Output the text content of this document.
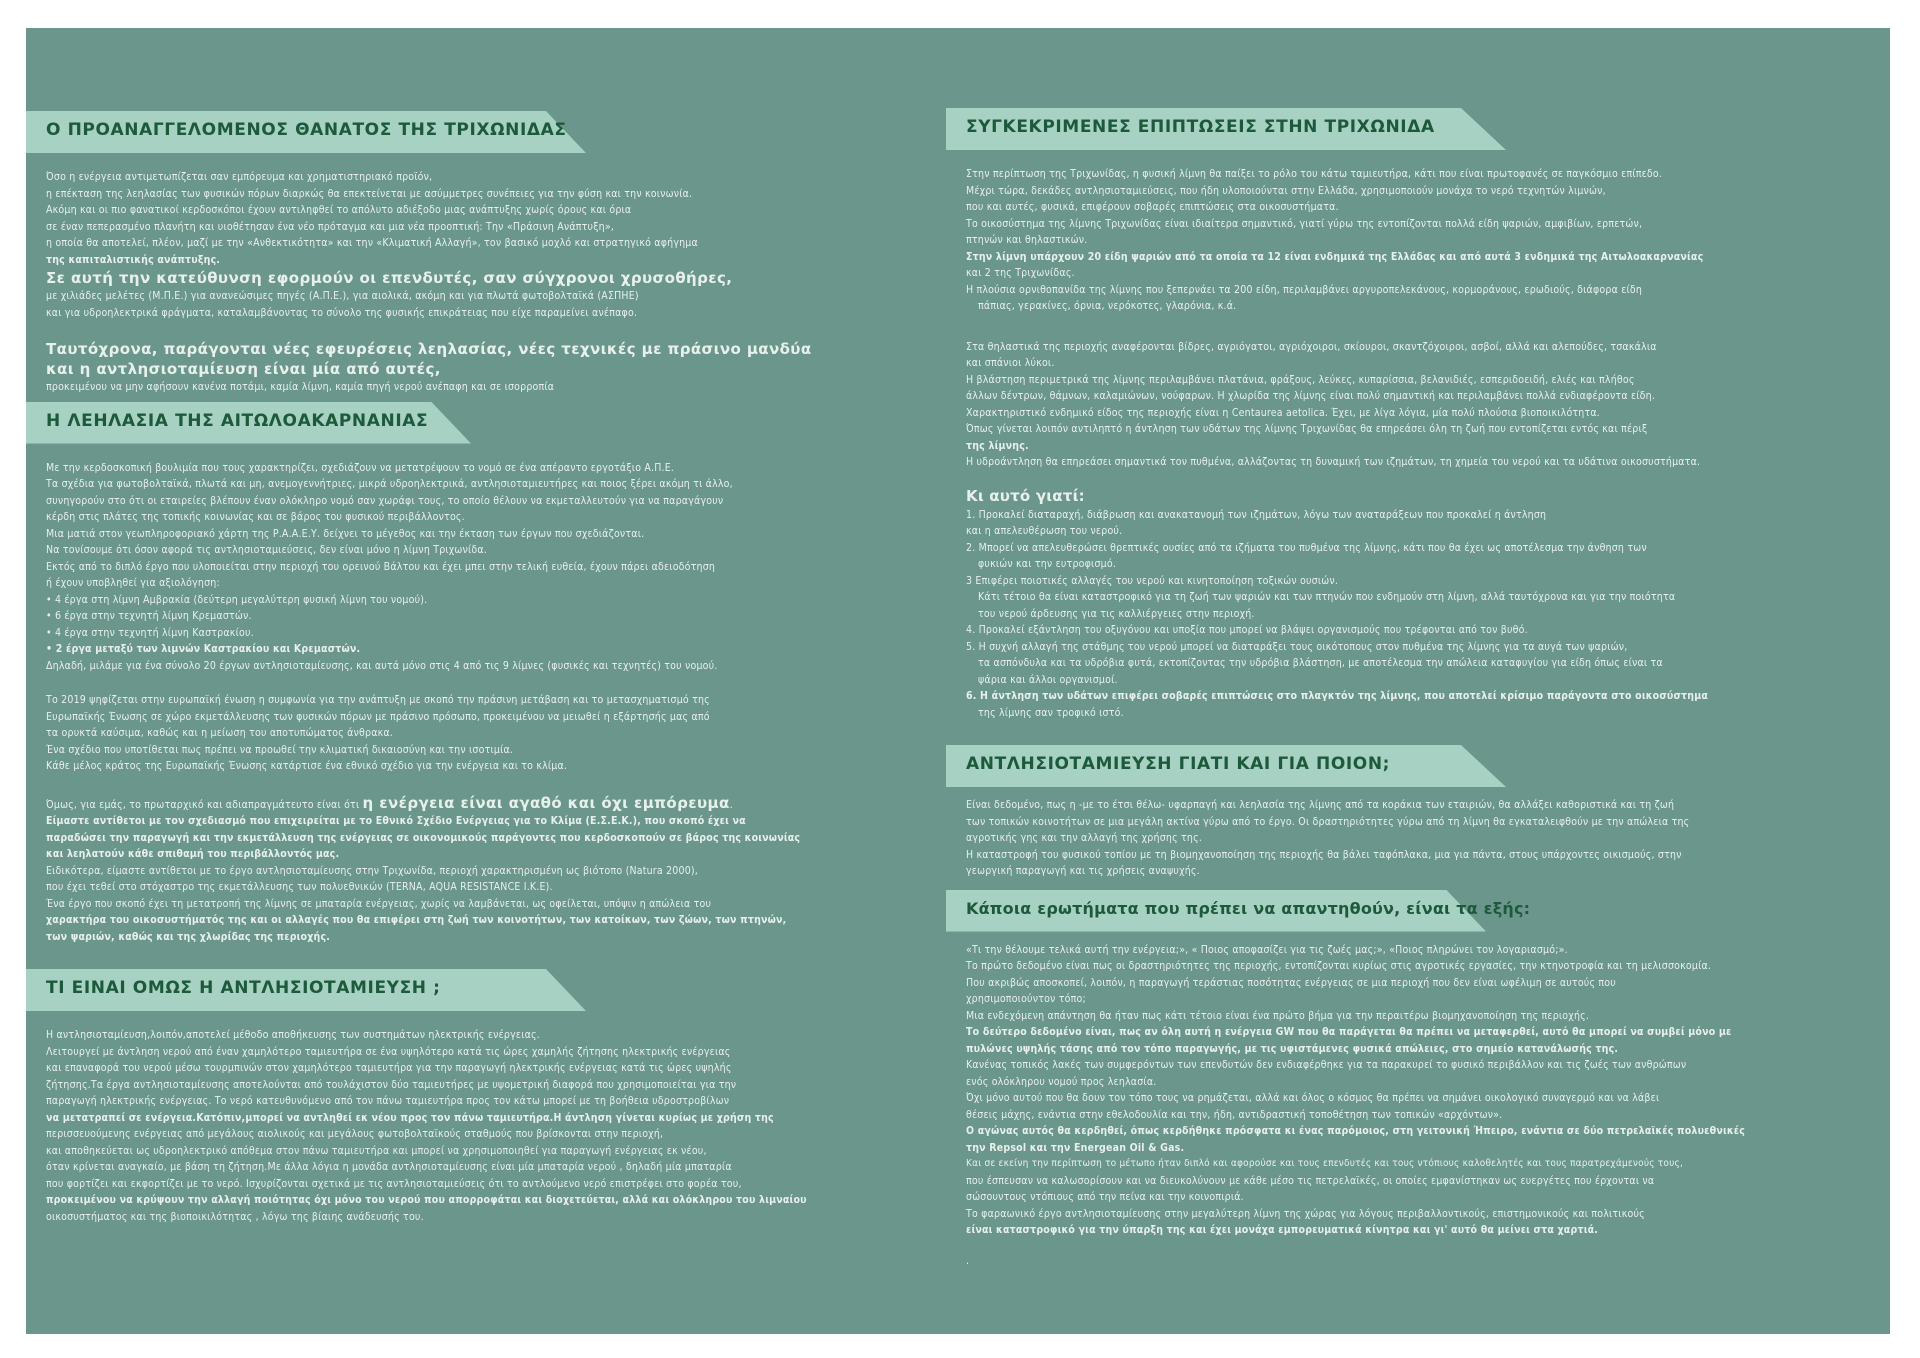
Ο ΠΡΟΑΝΑΓΓΕΛΟΜΕΝΟΣ ΘΑΝΑΤΟΣ ΤΗΣ ΤΡΙΧΩΝΙΔΑΣ
Όσο η ενέργεια αντιμετωπίζεται σαν εμπόρευμα και χρηματιστηριακό προϊόν,
η επέκταση της λεηλασίας των φυσικών πόρων διαρκώς θα επεκτείνεται με ασύμμετρες συνέπειες για την φύση και την κοινωνία.
Ακόμη και οι πιο φανατικοί κερδοσκόποι έχουν αντιληφθεί το απόλυτο αδιέξοδο μιας ανάπτυξης χωρίς όρους και όρια
σε έναν πεπερασμένο πλανήτη και υιοθέτησαν ένα νέο πρόταγμα και μια νέα προοπτική: Την «Πράσινη Ανάπτυξη»,
η οποία θα αποτελεί, πλέον, μαζί με την «Ανθεκτικότητα» και την «Κλιματική Αλλαγή», τον βασικό μοχλό και στρατηγικό αφήγημα
της καπιταλιστικής ανάπτυξης.
Σε αυτή την κατεύθυνση εφορμούν οι επενδυτές, σαν σύγχρονοι χρυσοθήρες,
με χιλιάδες μελέτες (Μ.Π.Ε.) για ανανεώσιμες πηγές (Α.Π.Ε.), για αιολικά, ακόμη και για πλωτά φωτοβολταϊκά (ΑΣΠΗΕ)
και για υδροηλεκτρικά φράγματα, καταλαμβάνοντας το σύνολο της φυσικής επικράτειας που είχε παραμείνει ανέπαφο.
Ταυτόχρονα, παράγονται νέες εφευρέσεις λεηλασίας, νέες τεχνικές με πράσινο μανδύα
και η αντλησιοταμίευση είναι μία από αυτές,
προκειμένου να μην αφήσουν κανένα ποτάμι, καμία λίμνη, καμία πηγή νερού ανέπαφη και σε ισορροπία
Η ΛΕΗΛΑΣΙΑ ΤΗΣ ΑΙΤΩΛΟΑΚΑΡΝΑΝΙΑΣ
Με την κερδοσκοπική βουλιμία που τους χαρακτηρίζει, σχεδιάζουν να μετατρέψουν το νομό σε ένα απέραντο εργοτάξιο Α.Π.Ε.
Τα σχέδια για φωτοβολταϊκά, πλωτά και μη, ανεμογεννήτριες, μικρά υδροηλεκτρικά, αντλησιοταμιευτήρες και ποιος ξέρει ακόμη τι άλλο,
συνηγορούν στο ότι οι εταιρείες βλέπουν έναν ολόκληρο νομό σαν χωράφι τους, το οποίο θέλουν να εκμεταλλευτούν για να παραγάγουν
κέρδη στις πλάτες της τοπικής κοινωνίας και σε βάρος του φυσικού περιβάλλοντος.
Μια ματιά στον γεωπληροφοριακό χάρτη της Ρ.Α.Α.Ε.Υ. δείχνει το μέγεθος και την έκταση των έργων που σχεδιάζονται.
Να τονίσουμε ότι όσον αφορά τις αντλησιοταμιεύσεις, δεν είναι μόνο η λίμνη Τριχωνίδα.
Εκτός από το διπλό έργο που υλοποιείται στην περιοχή του ορεινού Βάλτου και έχει μπει στην τελική ευθεία, έχουν πάρει αδειοδότηση
ή έχουν υποβληθεί για αξιολόγηση:
• 4 έργα στη λίμνη Αμβρακία (δεύτερη μεγαλύτερη φυσική λίμνη του νομού).
• 6 έργα στην τεχνητή λίμνη Κρεμαστών.
• 4 έργα στην τεχνητή λίμνη Καστρακίου.
• 2 έργα μεταξύ των λιμνών Καστρακίου και Κρεμαστών.
Δηλαδή, μιλάμε για ένα σύνολο 20 έργων αντλησιοταμίευσης, και αυτά μόνο στις 4 από τις 9 λίμνες (φυσικές και τεχνητές) του νομού.
Το 2019 ψηφίζεται στην ευρωπαϊκή ένωση η συμφωνία για την ανάπτυξη με σκοπό την πράσινη μετάβαση και το μετασχηματισμό της
Ευρωπαϊκής Ένωσης σε χώρο εκμετάλλευσης των φυσικών πόρων με πράσινο πρόσωπο, προκειμένου να μειωθεί η εξάρτησής μας από
τα ορυκτά καύσιμα, καθώς και η μείωση του αποτυπώματος άνθρακα.
Ένα σχέδιο που υποτίθεται πως πρέπει να προωθεί την κλιματική δικαιοσύνη και την ισοτιμία.
Κάθε μέλος κράτος της Ευρωπαϊκής Ένωσης κατάρτισε ένα εθνικό σχέδιο για την ενέργεια και το κλίμα.
Όμως, για εμάς, το πρωταρχικό και αδιαπραγμάτευτο είναι ότι η ενέργεια είναι αγαθό και όχι εμπόρευμα.
Είμαστε αντίθετοι με τον σχεδιασμό που επιχειρείται με το Εθνικό Σχέδιο Ενέργειας για το Κλίμα (Ε.Σ.Ε.Κ.), που σκοπό έχει να
παραδώσει την παραγωγή και την εκμετάλλευση της ενέργειας σε οικονομικούς παράγοντες που κερδοσκοπούν σε βάρος της κοινωνίας
και λεηλατούν κάθε σπιθαμή του περιβάλλοντός μας.
Ειδικότερα, είμαστε αντίθετοι με το έργο αντλησιοταμίευσης στην Τριχωνίδα, περιοχή χαρακτηρισμένη ως βιότοπο (Natura 2000),
που έχει τεθεί στο στόχαστρο της εκμετάλλευσης των πολυεθνικών (ΤΕRNA, AQUA RESISTANCE I.K.E).
Ένα έργο που σκοπό έχει τη μετατροπή της λίμνης σε μπαταρία ενέργειας, χωρίς να λαμβάνεται, ως οφείλεται, υπόψιν η απώλεια του
χαρακτήρα του οικοσυστήματός της και οι αλλαγές που θα επιφέρει στη ζωή των κοινοτήτων, των κατοίκων, των ζώων, των πτηνών,
των ψαριών, καθώς και της χλωρίδας της περιοχής.
ΤΙ ΕΙΝΑΙ ΟΜΩΣ Η ΑΝΤΛΗΣΙΟΤΑΜΙΕΥΣΗ ;
Η αντλησιοταμίευση,λοιπόν,αποτελεί μέθοδο αποθήκευσης των συστημάτων ηλεκτρικής ενέργειας.
Λειτουργεί με άντληση νερού από έναν χαμηλότερο ταμιευτήρα σε ένα υψηλότερο κατά τις ώρες χαμηλής ζήτησης ηλεκτρικής ενέργειας
και επαναφορά του νερού μέσω τουρμπινών στον χαμηλότερο ταμιευτήρα για την παραγωγή ηλεκτρικής ενέργειας κατά τις ώρες υψηλής
ζήτησης.Τα έργα αντλησιοταμίευσης αποτελούνται από τουλάχιστον δύο ταμιευτήρες με υψομετρική διαφορά που χρησιμοποιείται για την
παραγωγή ηλεκτρικής ενέργειας. Το νερό κατευθυνόμενο από τον πάνω ταμιευτήρα προς τον κάτω μπορεί με τη βοήθεια υδροστροβίλων
να μετατραπεί σε ενέργεια.Κατόπιν,μπορεί να αντληθεί εκ νέου προς τον πάνω ταμιευτήρα.Η άντληση γίνεται κυρίως με χρήση της
περισσευούμενης ενέργειας από μεγάλους αιολικούς και μεγάλους φωτοβολταϊκούς σταθμούς που βρίσκονται στην περιοχή,
και αποθηκεύεται ως υδροηλεκτρικό απόθεμα στον πάνω ταμιευτήρα και μπορεί να χρησιμοποιηθεί για παραγωγή ενέργειας εκ νέου,
όταν κρίνεται αναγκαίο, με βάση τη ζήτηση.Με άλλα λόγια η μονάδα αντλησιοταμίευσης είναι μία μπαταρία νερού , δηλαδή μία μπαταρία
που φορτίζει και εκφορτίζει με το νερό. Ισχυρίζονται σχετικά με τις αντλησιοταμιεύσεις ότι το αντλούμενο νερό επιστρέφει στο φορέα του,
προκειμένου να κρύψουν την αλλαγή ποιότητας όχι μόνο του νερού που απορροφάται και διοχετεύεται, αλλά και ολόκληρου του λιμναίου
οικοσυστήματος και της βιοποικιλότητας , λόγω της βίαιης ανάδευσής του.
ΣΥΓΚΕΚΡΙΜΕΝΕΣ ΕΠΙΠΤΩΣΕΙΣ ΣΤΗΝ ΤΡΙΧΩΝΙΔΑ
Στην περίπτωση της Τριχωνίδας, η φυσική λίμνη θα παίξει το ρόλο του κάτω ταμιευτήρα, κάτι που είναι πρωτοφανές σε παγκόσμιο επίπεδο.
Μέχρι τώρα, δεκάδες αντλησιοταμιεύσεις, που ήδη υλοποιούνται στην Ελλάδα, χρησιμοποιούν μονάχα το νερό τεχνητών λιμνών,
που και αυτές, φυσικά, επιφέρουν σοβαρές επιπτώσεις στα οικοσυστήματα.
Το οικοσύστημα της λίμνης Τριχωνίδας είναι ιδιαίτερα σημαντικό, γιατί γύρω της εντοπίζονται πολλά είδη ψαριών, αμφιβίων, ερπετών,
πτηνών και θηλαστικών.
Στην λίμνη υπάρχουν 20 είδη ψαριών από τα οποία τα 12 είναι ενδημικά της Ελλάδας και από αυτά 3 ενδημικά της Αιτωλοακαρνανίας
και 2 της Τριχωνίδας.
Η πλούσια ορνιθοπανίδα της λίμνης που ξεπερνάει τα 200 είδη, περιλαμβάνει αργυροπελεκάνους, κορμοράνους, ερωδιούς, διάφορα είδη
πάπιας, γερακίνες, όρνια, νερόκοτες, γλαρόνια, κ.ά.
Στα θηλαστικά της περιοχής αναφέρονται βίδρες, αγριόγατοι, αγριόχοιροι, σκίουροι, σκαντζόχοιροι, ασβοί, αλλά και αλεπούδες, τσακάλια
και σπάνιοι λύκοι.
Η βλάστηση περιμετρικά της λίμνης περιλαμβάνει πλατάνια, φράξους, λεύκες, κυπαρίσσια, βελανιδιές, εσπεριδοειδή, ελιές και πλήθος
άλλων δέντρων, θάμνων, καλαμιώνων, νούφαρων. Η χλωρίδα της λίμνης είναι πολύ σημαντική και περιλαμβάνει πολλά ενδιαφέροντα είδη.
Χαρακτηριστικό ενδημικό είδος της περιοχής είναι η Centaurea aetolica. Έχει, με λίγα λόγια, μία πολύ πλούσια βιοποικιλότητα.
Όπως γίνεται λοιπόν αντιληπτό η άντληση των υδάτων της λίμνης Τριχωνίδας θα επηρεάσει όλη τη ζωή που εντοπίζεται εντός και πέριξ
της λίμνης.
Η υδροάντληση θα επηρεάσει σημαντικά τον πυθμένα, αλλάζοντας τη δυναμική των ιζημάτων, τη χημεία του νερού και τα υδάτινα οικοσυστήματα.
Κι αυτό γιατί:
1. Προκαλεί διαταραχή, διάβρωση και ανακατανομή των ιζημάτων, λόγω των αναταράξεων που προκαλεί η άντληση
και η απελευθέρωση του νερού.
2. Μπορεί να απελευθερώσει θρεπτικές ουσίες από τα ιζήματα του πυθμένα της λίμνης, κάτι που θα έχει ως αποτέλεσμα την άνθηση των
φυκιών και την ευτροφισμό.
3 Επιφέρει ποιοτικές αλλαγές του νερού και κινητοποίηση τοξικών ουσιών.
Κάτι τέτοιο θα είναι καταστροφικό για τη ζωή των ψαριών και των πτηνών που ενδημούν στη λίμνη, αλλά ταυτόχρονα και για την ποιότητα
του νερού άρδευσης για τις καλλιέργειες στην περιοχή.
4. Προκαλεί εξάντληση του οξυγόνου και υποξία που μπορεί να βλάψει οργανισμούς που τρέφονται από τον βυθό.
5. Η συχνή αλλαγή της στάθμης του νερού μπορεί να διαταράξει τους οικότοπους στον πυθμένα της λίμνης για τα αυγά των ψαριών,
τα ασπόνδυλα και τα υδρόβια φυτά, εκτοπίζοντας την υδρόβια βλάστηση, με αποτέλεσμα την απώλεια καταφυγίου για είδη όπως είναι τα
ψάρια και άλλοι οργανισμοί.
6. Η άντληση των υδάτων επιφέρει σοβαρές επιπτώσεις στο πλαγκτόν της λίμνης, που αποτελεί κρίσιμο παράγοντα στο οικοσύστημα
της λίμνης σαν τροφικό ιστό.
ΑΝΤΛΗΣΙΟΤΑΜΙΕΥΣΗ ΓΙΑΤΙ ΚΑΙ ΓΙΑ ΠΟΙΟΝ;
Είναι δεδομένο, πως η -με το έτσι θέλω- υφαρπαγή και λεηλασία της λίμνης από τα κοράκια των εταιριών, θα αλλάξει καθοριστικά και τη ζωή
των τοπικών κοινοτήτων σε μια μεγάλη ακτίνα γύρω από το έργο. Οι δραστηριότητες γύρω από τη λίμνη θα εγκαταλειφθούν με την απώλεια της
αγροτικής γης και την αλλαγή της χρήσης της.
Η καταστροφή του φυσικού τοπίου με τη βιομηχανοποίηση της περιοχής θα βάλει ταφόπλακα, μια για πάντα, στους υπάρχοντες οικισμούς, στην
γεωργική παραγωγή και τις χρήσεις αναψυχής.
Κάποια ερωτήματα που πρέπει να απαντηθούν, είναι τα εξής:
«Τι την θέλουμε τελικά αυτή την ενέργεια;», « Ποιος αποφασίζει για τις ζωές μας;», «Ποιος πληρώνει τον λογαριασμό;».
Το πρώτο δεδομένο είναι πως οι δραστηριότητες της περιοχής, εντοπίζονται κυρίως στις αγροτικές εργασίες, την κτηνοτροφία και τη μελισσοκομία.
Που ακριβώς αποσκοπεί, λοιπόν, η παραγωγή τεράστιας ποσότητας ενέργειας σε μια περιοχή που δεν είναι ωφέλιμη σε αυτούς που
χρησιμοποιούντον τόπο;
Μια ενδεχόμενη απάντηση θα ήταν πως κάτι τέτοιο είναι ένα πρώτο βήμα για την περαιτέρω βιομηχανοποίηση της περιοχής.
Το δεύτερο δεδομένο είναι, πως αν όλη αυτή η ενέργεια GW που θα παράγεται θα πρέπει να μεταφερθεί, αυτό θα μπορεί να συμβεί μόνο με
πυλώνες υψηλής τάσης από τον τόπο παραγωγής, με τις υφιστάμενες φυσικά απώλειες, στο σημείο κατανάλωσής της.
Κανένας τοπικός λακές των συμφερόντων των επενδυτών δεν ενδιαφέρθηκε για τα παρακυρεί το φυσικό περιβάλλον και τις ζωές των ανθρώπων
ενός ολόκληρου νομού προς λεηλασία.
Όχι μόνο αυτού που θα δουν τον τόπο τους να ρημάζεται, αλλά και όλος ο κόσμος θα πρέπει να σημάνει οικολογικό συναγερμό και να λάβει
θέσεις μάχης, ενάντια στην εθελοδουλία και την, ήδη, αντιδραστική τοποθέτηση των τοπικών «αρχόντων».
Ο αγώνας αυτός θα κερδηθεί, όπως κερδήθηκε πρόσφατα κι ένας παρόμοιος, στη γειτονική Ήπειρο, ενάντια σε δύο πετρελαϊκές πολυεθνικές
την Repsol και την Energean Oil & Gas.
Και σε εκείνη την περίπτωση το μέτωπο ήταν διπλό και αφορούσε και τους επενδυτές και τους ντόπιους καλοθελητές και τους παρατρεχάμενούς τους,
που έσπευσαν να καλωσορίσουν και να διευκολύνουν με κάθε μέσο τις πετρελαϊκές, οι οποίες εμφανίστηκαν ως ευεργέτες που έρχονται να
σώσουντους ντόπιους από την πείνα και την κοινοπιριά.
Το φαραωνικό έργο αντλησιοταμίευσης στην μεγαλύτερη λίμνη της χώρας για λόγους περιβαλλοντικούς, επιστημονικούς και πολιτικούς
είναι καταστροφικό για την ύπαρξη της και έχει μονάχα εμπορευματικά κίνητρα και γι' αυτό θα μείνει στα χαρτιά.
.
